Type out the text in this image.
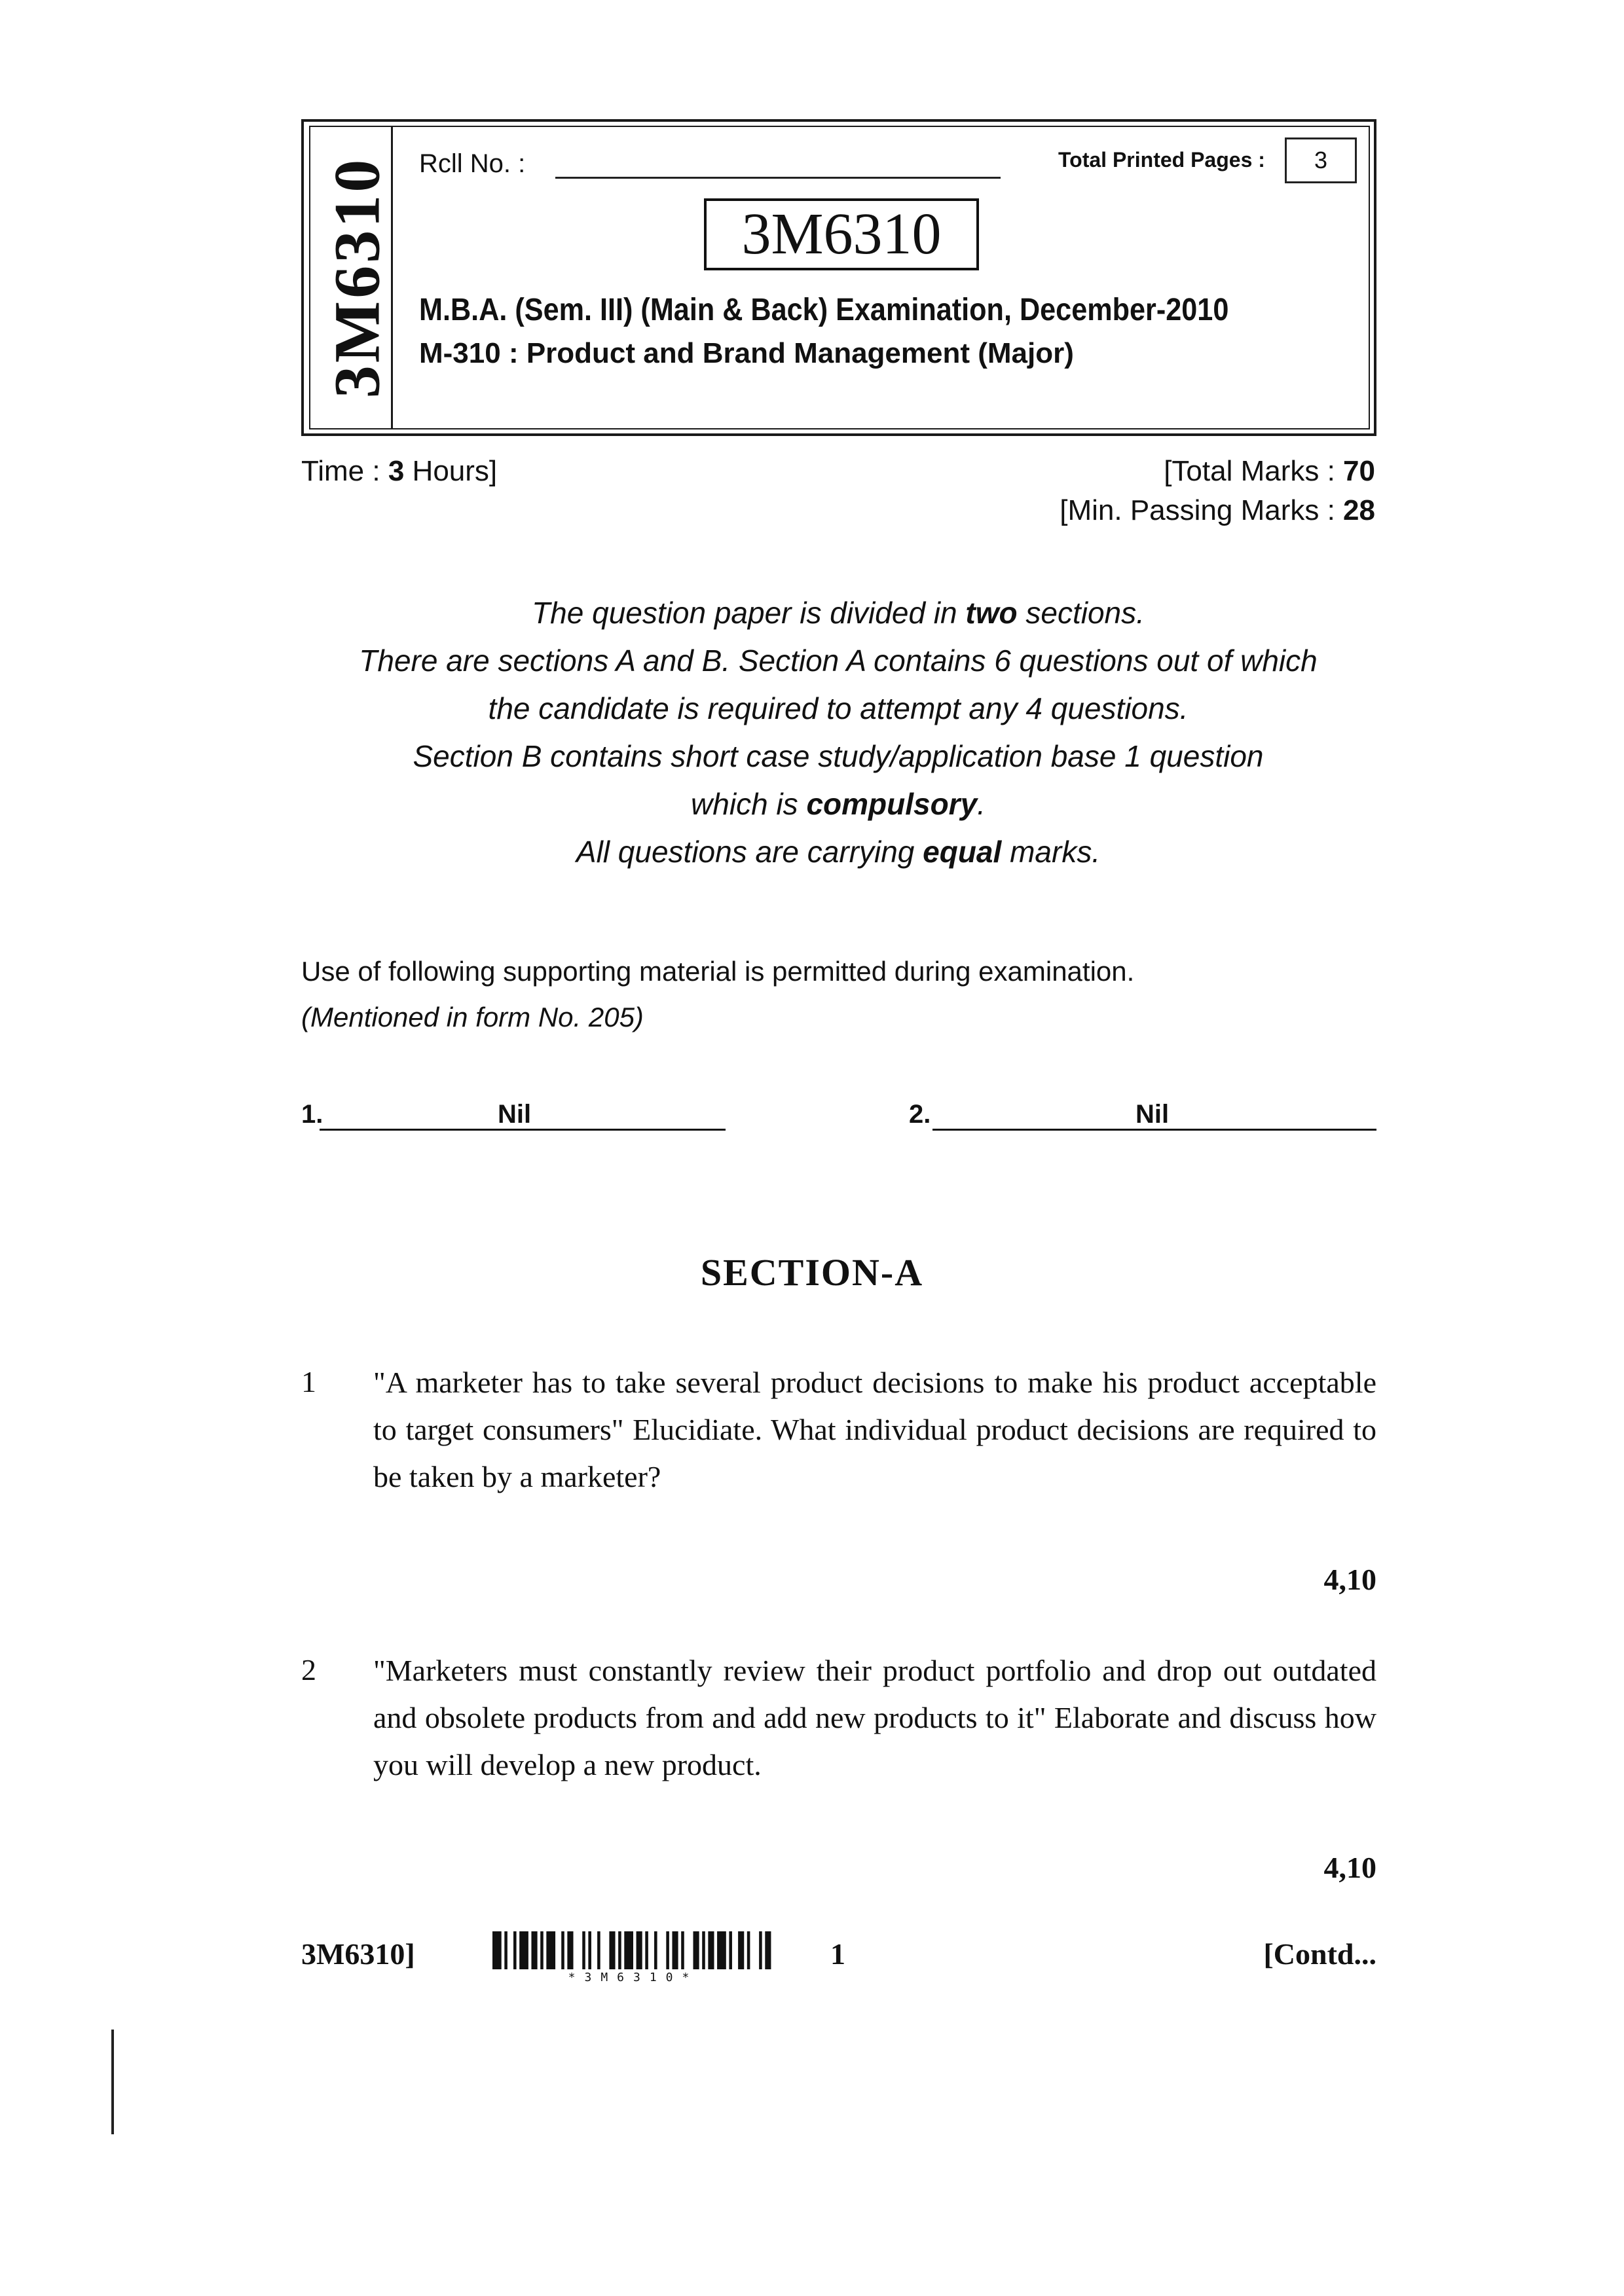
3M6310 Rcll No. :	Total Printed Pages :	3
3M6310
M.B.A. (Sem. III) (Main & Back) Examination, December-2010
M-310 : Product and Brand Management (Major)
Time : 3 Hours]	[Total Marks : 70
[Min. Passing Marks : 28

The question paper is divided in two sections.

There are sections A and B. Section A contains 6 questions out of which

the candidate is required to attempt any 4 questions.

Section B contains short case study/application base 1 question

which is compulsory.

All questions are carrying equal marks.

Use of following supporting material is permitted during examination.
(Mentioned in form No. 205)
1.	Nil	2.	Nil
SECTION-A
1 "A marketer has to take several product decisions to make his product acceptable to target consumers" Elucidiate. What individual product decisions are required to be taken by a marketer?
4,10
2 "Marketers must constantly review their product portfolio and drop out outdated and obsolete products from and add new products to it" Elaborate and discuss how you will develop a new product.
4,10
3M6310]
*3M6310*
1	[Contd...
